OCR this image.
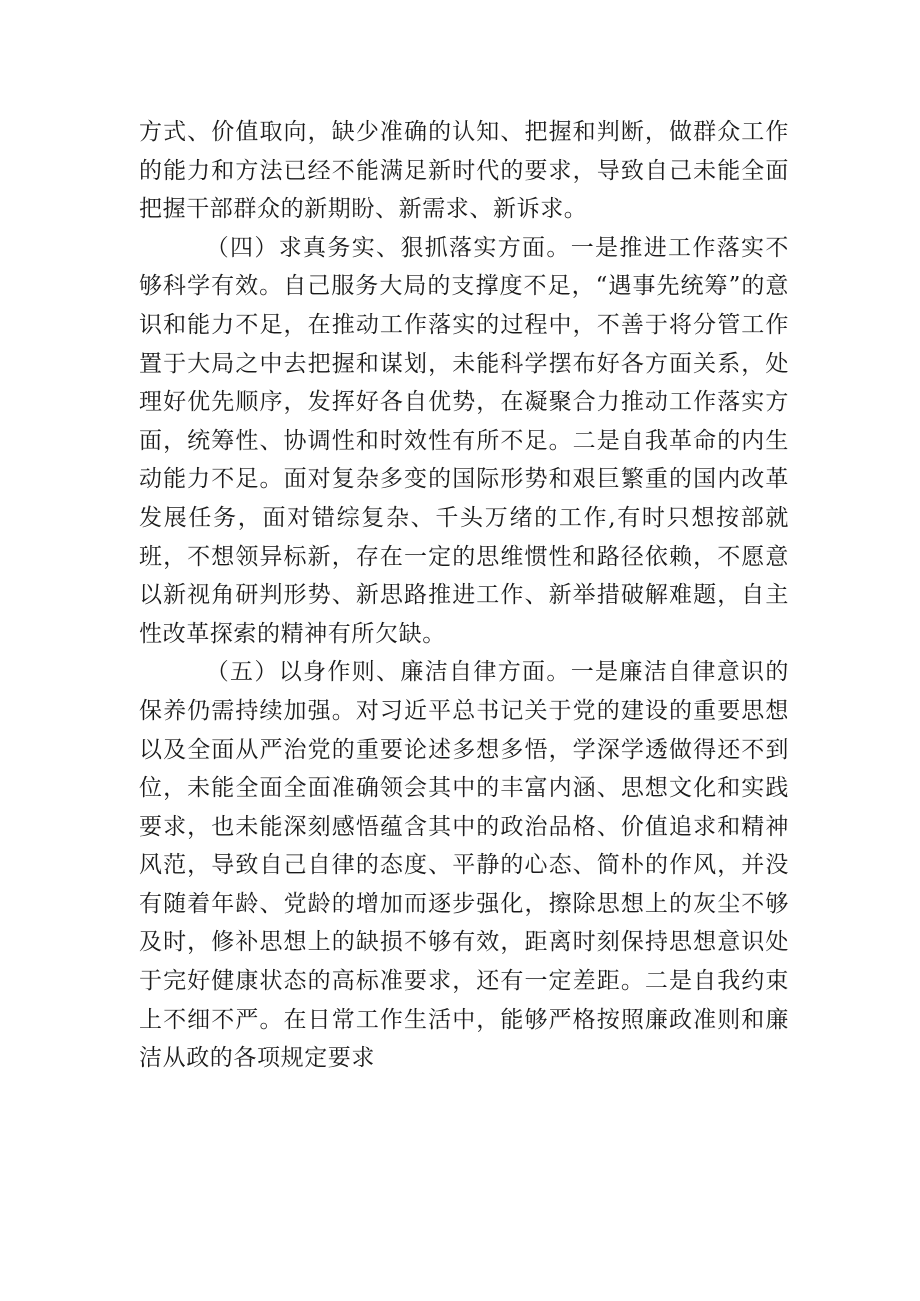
方式、价值取向，缺少准确的认知、把握和判断，做群众工作的能力和方法已经不能满足新时代的要求，导致自己未能全面把握干部群众的新期盼、新需求、新诉求。

（四）求真务实、狠抓落实方面。一是推进工作落实不够科学有效。自己服务大局的支撑度不足，“遇事先统筹”的意识和能力不足，在推动工作落实的过程中，不善于将分管工作置于大局之中去把握和谋划，未能科学摆布好各方面关系，处理好优先顺序，发挥好各自优势，在凝聚合力推动工作落实方面，统筹性、协调性和时效性有所不足。二是自我革命的内生动能力不足。面对复杂多变的国际形势和艰巨繁重的国内改革发展任务，面对错综复杂、千头万绪的工作,有时只想按部就班，不想领异标新，存在一定的思维惯性和路径依赖，不愿意以新视角研判形势、新思路推进工作、新举措破解难题，自主性改革探索的精神有所欠缺。

（五）以身作则、廉洁自律方面。一是廉洁自律意识的保养仍需持续加强。对习近平总书记关于党的建设的重要思想以及全面从严治党的重要论述多想多悟，学深学透做得还不到位，未能全面全面准确领会其中的丰富内涵、思想文化和实践要求，也未能深刻感悟蕴含其中的政治品格、价值追求和精神风范，导致自己自律的态度、平静的心态、简朴的作风，并没有随着年龄、党龄的增加而逐步强化，擦除思想上的灰尘不够及时，修补思想上的缺损不够有效，距离时刻保持思想意识处于完好健康状态的高标准要求，还有一定差距。二是自我约束上不细不严。在日常工作生活中，能够严格按照廉政准则和廉洁从政的各项规定要求
